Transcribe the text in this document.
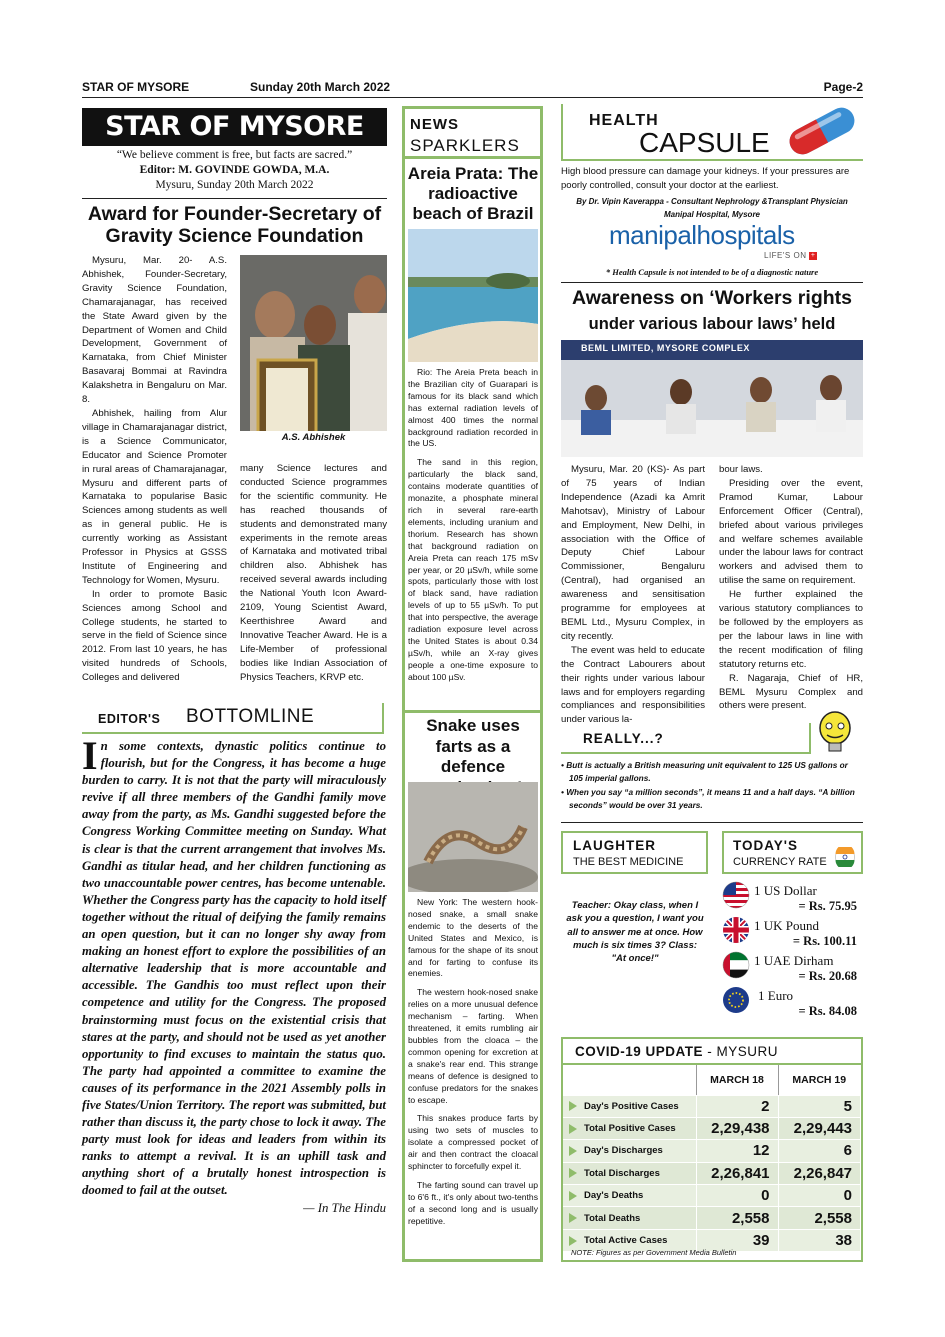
STAR OF MYSORE	Sunday 20th March 2022	Page-2
STAR OF MYSORE
“We believe comment is free, but facts are sacred.”
Editor: M. GOVINDE GOWDA, M.A.
Mysuru, Sunday 20th March 2022
Award for Founder-Secretary of Gravity Science Foundation

Mysuru, Mar. 20- A.S. Abhishek, Founder-Secretary, Gravity Science Foundation, Chamarajanagar, has received the State Award given by the Department of Women and Child Development, Government of Karnataka, from Chief Minister Basavaraj Bommai at Ravindra Kalakshetra in Bengaluru on Mar. 8.

Abhishek, hailing from Alur village in Chamarajanagar district, is a Science Communicator, Educator and Science Promoter in rural areas of Chamarajanagar, Mysuru and different parts of Karnataka to popularise Basic Sciences among students as well as in general public. He is currently working as Assistant Professor in Physics at GSSS Institute of Engineering and Technology for Women, Mysuru.

In order to promote Basic Sciences among School and College students, he started to serve in the field of Science since 2012. From last 10 years, he has visited hundreds of Schools, Colleges and delivered

A.S. Abhishek

many Science lectures and conducted Science programmes for the scientific community. He has reached thousands of students and demonstrated many experiments in the remote areas of Karnataka and motivated tribal children also. Abhishek has received several awards including the National Youth Icon Award-2109, Young Scientist Award, Keerthishree Award and Innovative Teacher Award. He is a Life-Member of professional bodies like Indian Association of Physics Teachers, KRVP etc.

EDITOR'S BOTTOMLINE
In some contexts, dynastic politics continue to flourish, but for the Congress, it has become a huge burden to carry. It is not that the party will miraculously revive if all three members of the Gandhi family move away from the party, as Ms. Gandhi suggested before the Congress Working Committee meeting on Sunday. What is clear is that the current arrangement that involves Ms. Gandhi as titular head, and her children functioning as two unaccountable power centres, has become untenable. Whether the Congress party has the capacity to hold itself together without the ritual of deifying the family remains an open question, but it can no longer shy away from making an honest effort to explore the possibilities of an alternative leadership that is more accountable and accessible. The Gandhis too must reflect upon their competence and utility for the Congress. The proposed brainstorming must focus on the existential crisis that stares at the party, and should not be used as yet another opportunity to find excuses to maintain the status quo. The party had appointed a committee to examine the causes of its performance in the 2021 Assembly polls in five States/Union Territory. The report was submitted, but rather than discuss it, the party chose to lock it away. The party must look for ideas and leaders from within its ranks to attempt a revival. It is an uphill task and anything short of a brutally honest introspection is doomed to fail at the outset.
— In The Hindu
NEWS
SPARKLERS
Areia Prata: The radioactive beach of Brazil

Rio: The Areia Preta beach in the Brazilian city of Guarapari is famous for its black sand which has external radiation levels of almost 400 times the normal background radiation recorded in the US.

The sand in this region, particularly the black sand, contains moderate quantities of monazite, a phosphate mineral rich in several rare-earth elements, including uranium and thorium. Research has shown that background radiation on Areia Preta can reach 175 mSv per year, or 20 µSv/h, while some spots, particularly those with lost of black sand, have radiation levels of up to 55 µSv/h. To put that into perspective, the average radiation exposure level across the United States is about 0.34 µSv/h, while an X-ray gives people a one-time exposure to about 100 µSv.

Snake uses farts as a defence

New York: The western hook-nosed snake, a small snake endemic to the deserts of the United States and Mexico, is famous for the shape of its snout and for farting to confuse its enemies.

The western hook-nosed snake relies on a more unusual defence mechanism – farting. When threatened, it emits rumbling air bubbles from the cloaca – the common opening for excretion at a snake's rear end. This strange means of defence is designed to confuse predators for the snakes to escape.

This snakes produce farts by using two sets of muscles to isolate a compressed pocket of air and then contract the cloacal sphincter to forcefully expel it.

The farting sound can travel up to 6'6 ft., it's only about two-tenths of a second long and is usually repetitive.

HEALTH
CAPSULE
High blood pressure can damage your kidneys. If your pressures are poorly controlled, consult your doctor at the earliest.
By Dr. Vipin Kaverappa - Consultant Nephrology &Transplant Physician
Manipal Hospital, Mysore
manipalhospitals
LIFE'S ON +
* Health Capsule is not intended to be of a diagnostic nature
Awareness on ‘Workers rights
under various labour laws’ held
BEML LIMITED, MYSORE COMPLEX

Mysuru, Mar. 20 (KS)- As part of 75 years of Indian Independence (Azadi ka Amrit Mahotsav), Ministry of Labour and Employment, New Delhi, in association with the Office of Deputy Chief Labour Commissioner, Bengaluru (Central), had organised an awareness and sensitisation programme for employees at BEML Ltd., Mysuru Complex, in city recently.

The event was held to educate the Contract Labourers about their rights under various labour laws and for employers regarding compliances and responsibilities under various la-

bour laws.

Presiding over the event, Pramod Kumar, Labour Enforcement Officer (Central), briefed about various privileges and welfare schemes available under the labour laws for contract workers and advised them to utilise the same on requirement.

He further explained the various statutory compliances to be followed by the employers as per the labour laws in line with the recent modification of filing statutory returns etc.

R. Nagaraja, Chief of HR, BEML Mysuru Complex and others were present.

REALLY...?
• Butt is actually a British measuring unit equivalent to 125 US gallons or 105 imperial gallons.
• When you say “a million seconds”, it means 11 and a half days. “A billion seconds” would be over 31 years.
LAUGHTER
THE BEST MEDICINE
Teacher: Okay class, when I ask you a question, I want you all to answer me at once. How much is six times 3? Class: "At once!"
TODAY'S
CURRENCY RATE
1 US Dollar
= Rs. 75.95
1 UK Pound
= Rs. 100.11
1 UAE Dirham
= Rs. 20.68
1 Euro
= Rs. 84.08
COVID-19 UPDATE - MYSURU
	MARCH 18	MARCH 19
Day's Positive Cases	2	5
Total Positive Cases	2,29,438	2,29,443
Day's Discharges	12	6
Total Discharges	2,26,841	2,26,847
Day's Deaths	0	0
Total Deaths	2,558	2,558
Total Active Cases	39	38
NOTE: Figures as per Government Media Bulletin
